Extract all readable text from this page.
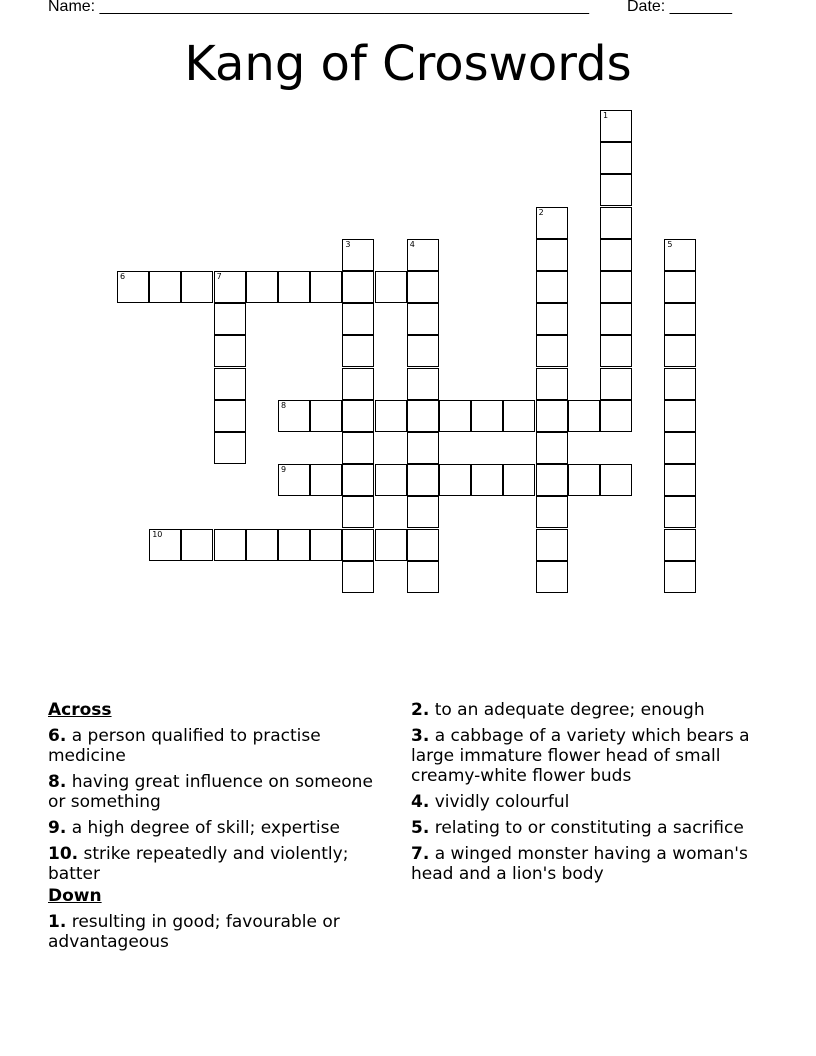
Name: _______________________________________________________ Date: _______
Kang of Croswords
1
2
3	4	5
6	7
8
9
10
Across
6. a person qualified to practise medicine
8. having great influence on someone or something
9. a high degree of skill; expertise
10. strike repeatedly and violently; batter
Down
1. resulting in good; favourable or advantageous
2. to an adequate degree; enough
3. a cabbage of a variety which bears a large immature flower head of small creamy-white flower buds
4. vividly colourful
5. relating to or constituting a sacrifice
7. a winged monster having a woman's head and a lion's body
